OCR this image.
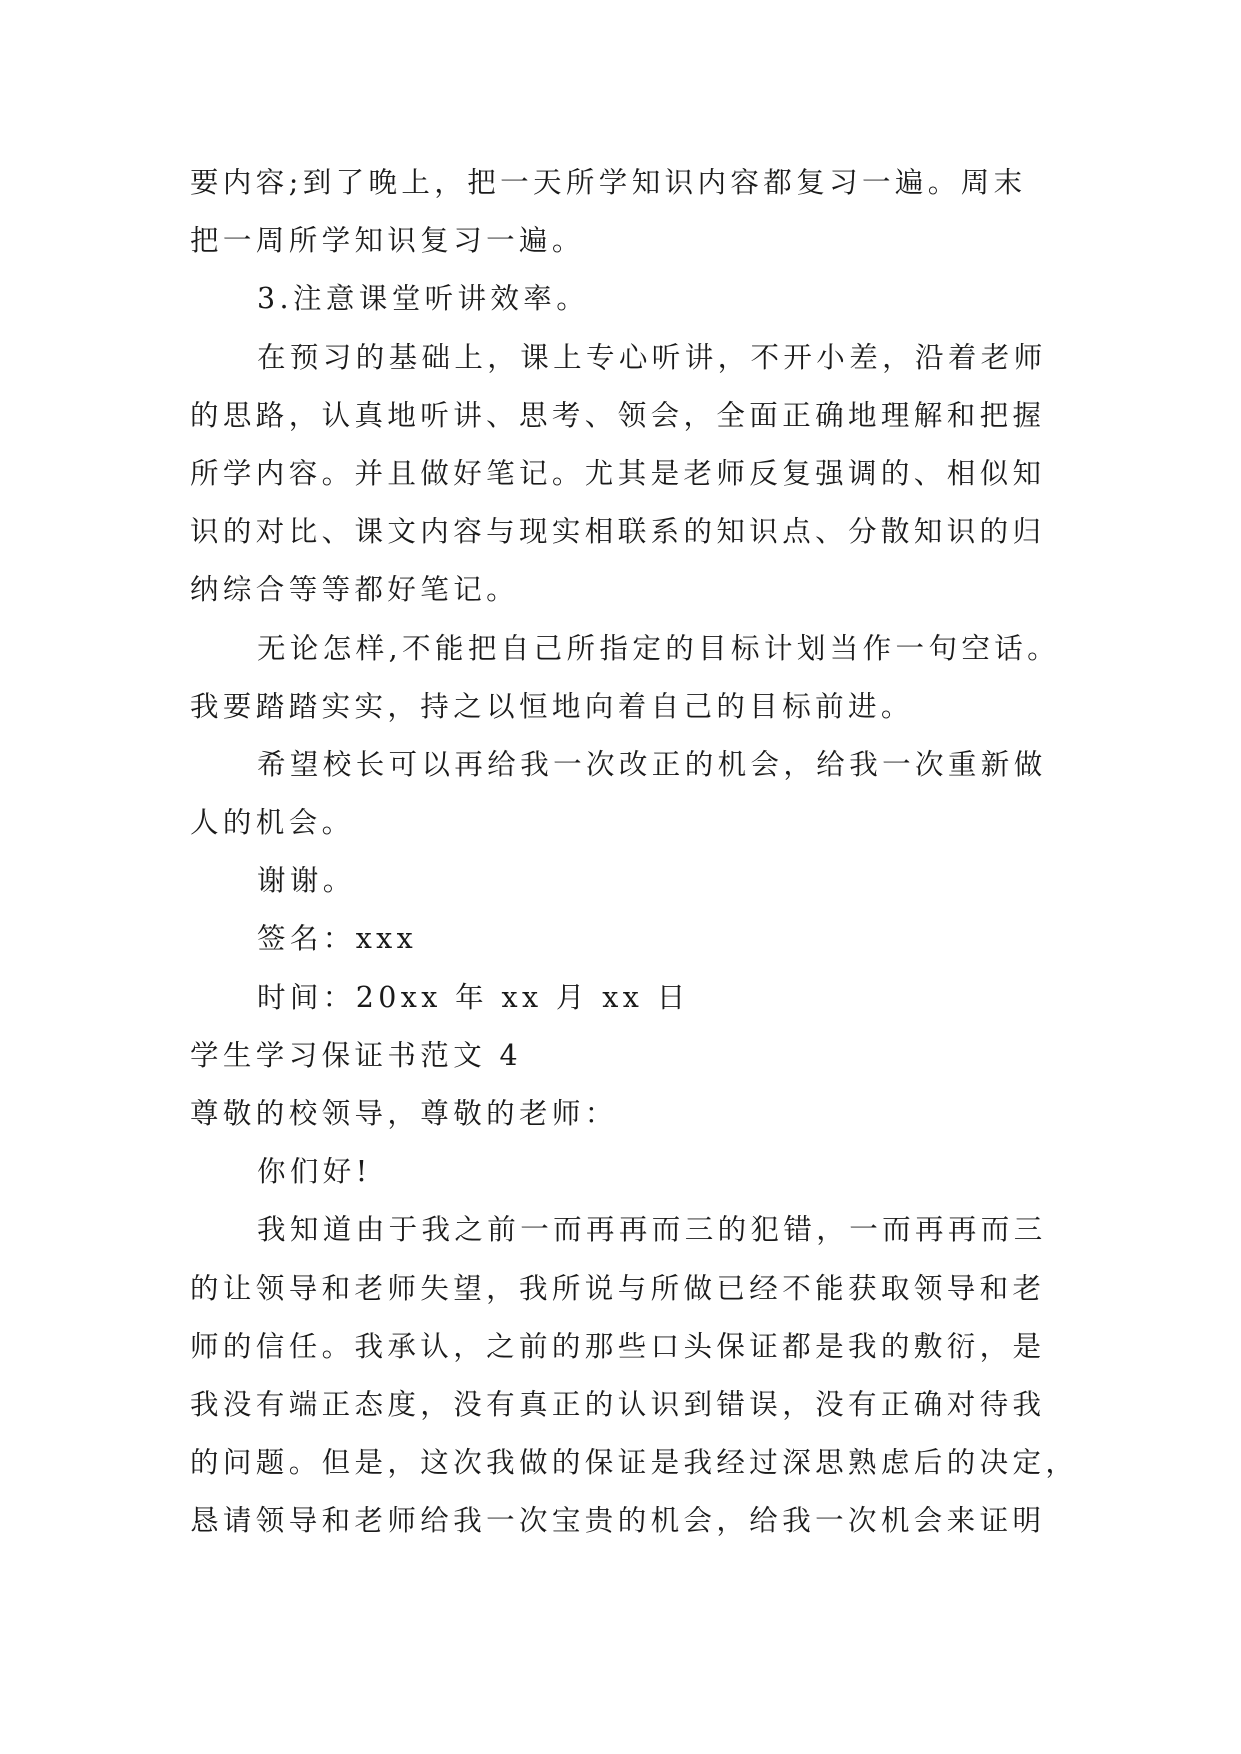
要内容;到了晚上，把一天所学知识内容都复习一遍。周末
把一周所学知识复习一遍。
3.注意课堂听讲效率。
在预习的基础上，课上专心听讲，不开小差，沿着老师
的思路，认真地听讲、思考、领会，全面正确地理解和把握
所学内容。并且做好笔记。尤其是老师反复强调的、相似知
识的对比、课文内容与现实相联系的知识点、分散知识的归
纳综合等等都好笔记。
无论怎样,不能把自己所指定的目标计划当作一句空话。
我要踏踏实实，持之以恒地向着自己的目标前进。
希望校长可以再给我一次改正的机会，给我一次重新做
人的机会。
谢谢。
签名：xxx
时间：20xx 年 xx 月 xx 日
学生学习保证书范文 4
尊敬的校领导，尊敬的老师：
你们好!
我知道由于我之前一而再再而三的犯错，一而再再而三
的让领导和老师失望，我所说与所做已经不能获取领导和老
师的信任。我承认，之前的那些口头保证都是我的敷衍，是
我没有端正态度，没有真正的认识到错误，没有正确对待我
的问题。但是，这次我做的保证是我经过深思熟虑后的决定，
恳请领导和老师给我一次宝贵的机会，给我一次机会来证明
